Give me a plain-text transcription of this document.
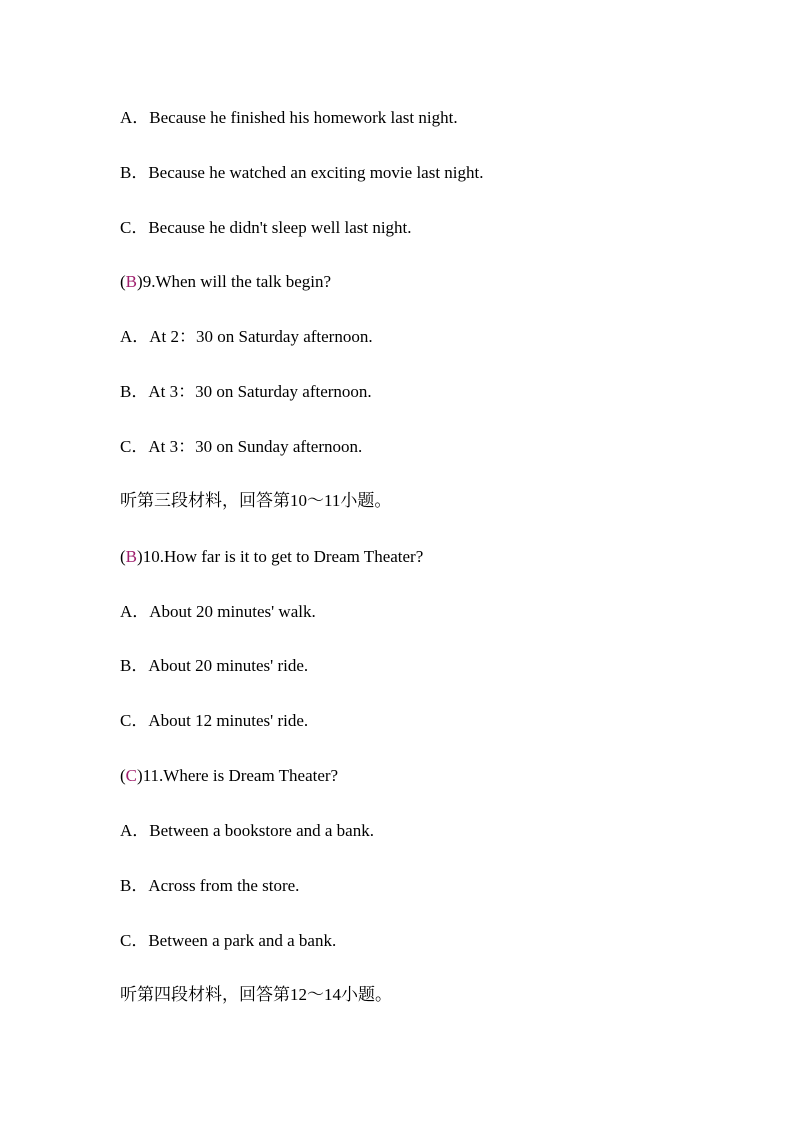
A．Because he finished his homework last night.
B．Because he watched an exciting movie last night.
C．Because he didn't sleep well last night.
(B)9.When will the talk begin?
A．At 2：30 on Saturday afternoon.
B．At 3：30 on Saturday afternoon.
C．At 3：30 on Sunday afternoon.
听第三段材料，回答第10～11小题。
(B)10.How far is it to get to Dream Theater?
A．About 20 minutes' walk.
B．About 20 minutes' ride.
C．About 12 minutes' ride.
(C)11.Where is Dream Theater?
A．Between a bookstore and a bank.
B．Across from the store.
C．Between a park and a bank.
听第四段材料，回答第12～14小题。
